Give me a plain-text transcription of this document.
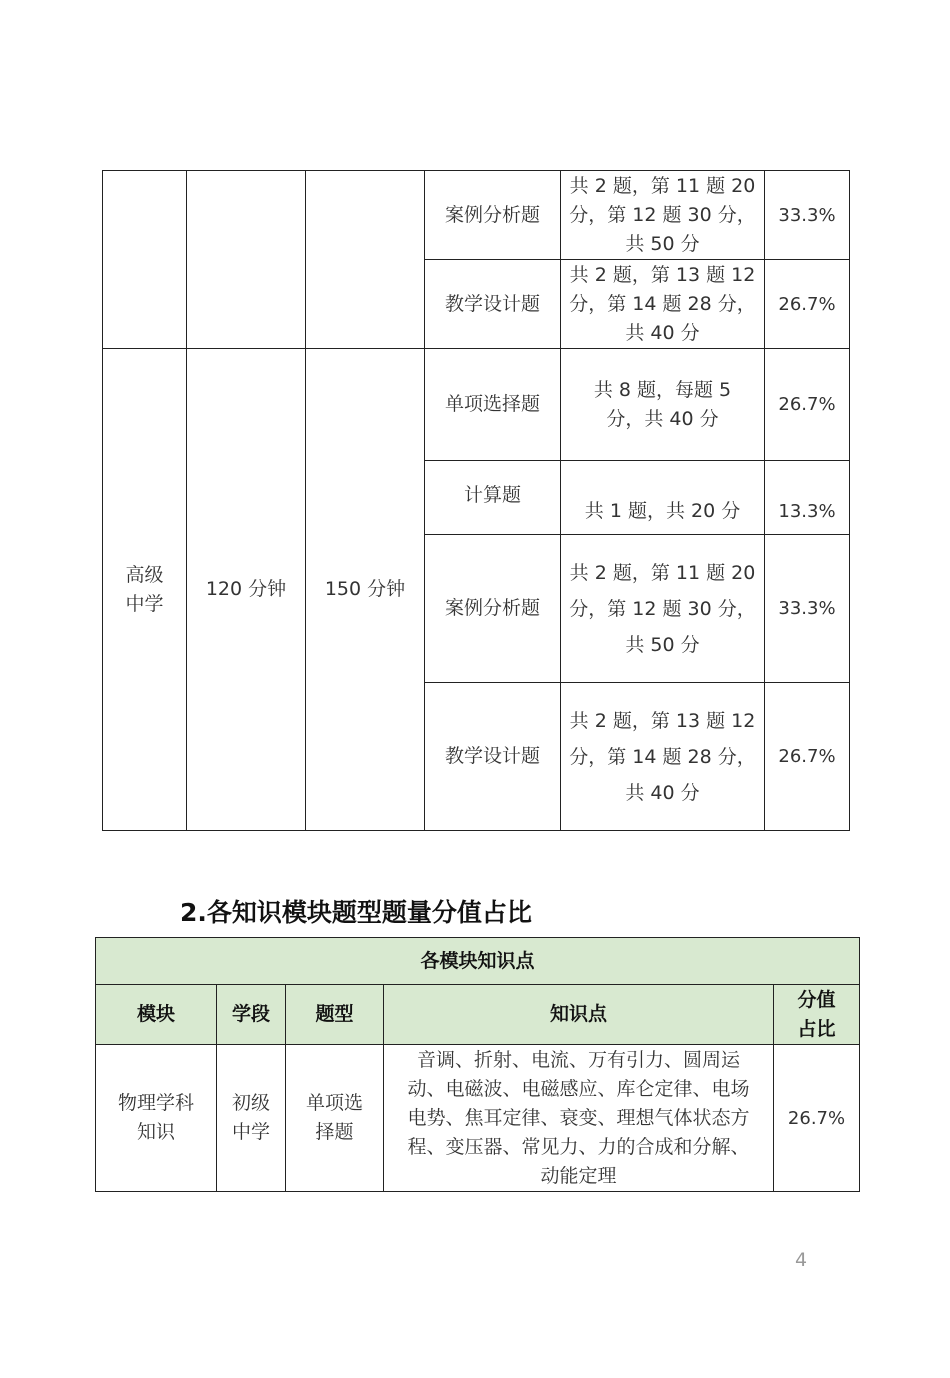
			案例分析题	共 2 题，第 11 题 20 分，第 12 题 30 分，共 50 分	33.3%
			教学设计题	共 2 题，第 13 题 12 分，第 14 题 28 分，共 40 分	26.7%
高级中学	120 分钟	150 分钟	单项选择题	共 8 题，每题 5 分，共 40 分	26.7%
			计算题	共 1 题，共 20 分	13.3%
			案例分析题	共 2 题，第 11 题 20 分，第 12 题 30 分，共 50 分	33.3%
			教学设计题	共 2 题，第 13 题 12 分，第 14 题 28 分，共 40 分	26.7%
2.各知识模块题型题量分值占比
各模块知识点				
模块	学段	题型	知识点	分值占比
物理学科知识	初级中学	单项选择题	音调、折射、电流、万有引力、圆周运动、电磁波、电磁感应、库仑定律、电场电势、焦耳定律、衰变、理想气体状态方程、变压器、常见力、力的合成和分解、动能定理	26.7%
4
